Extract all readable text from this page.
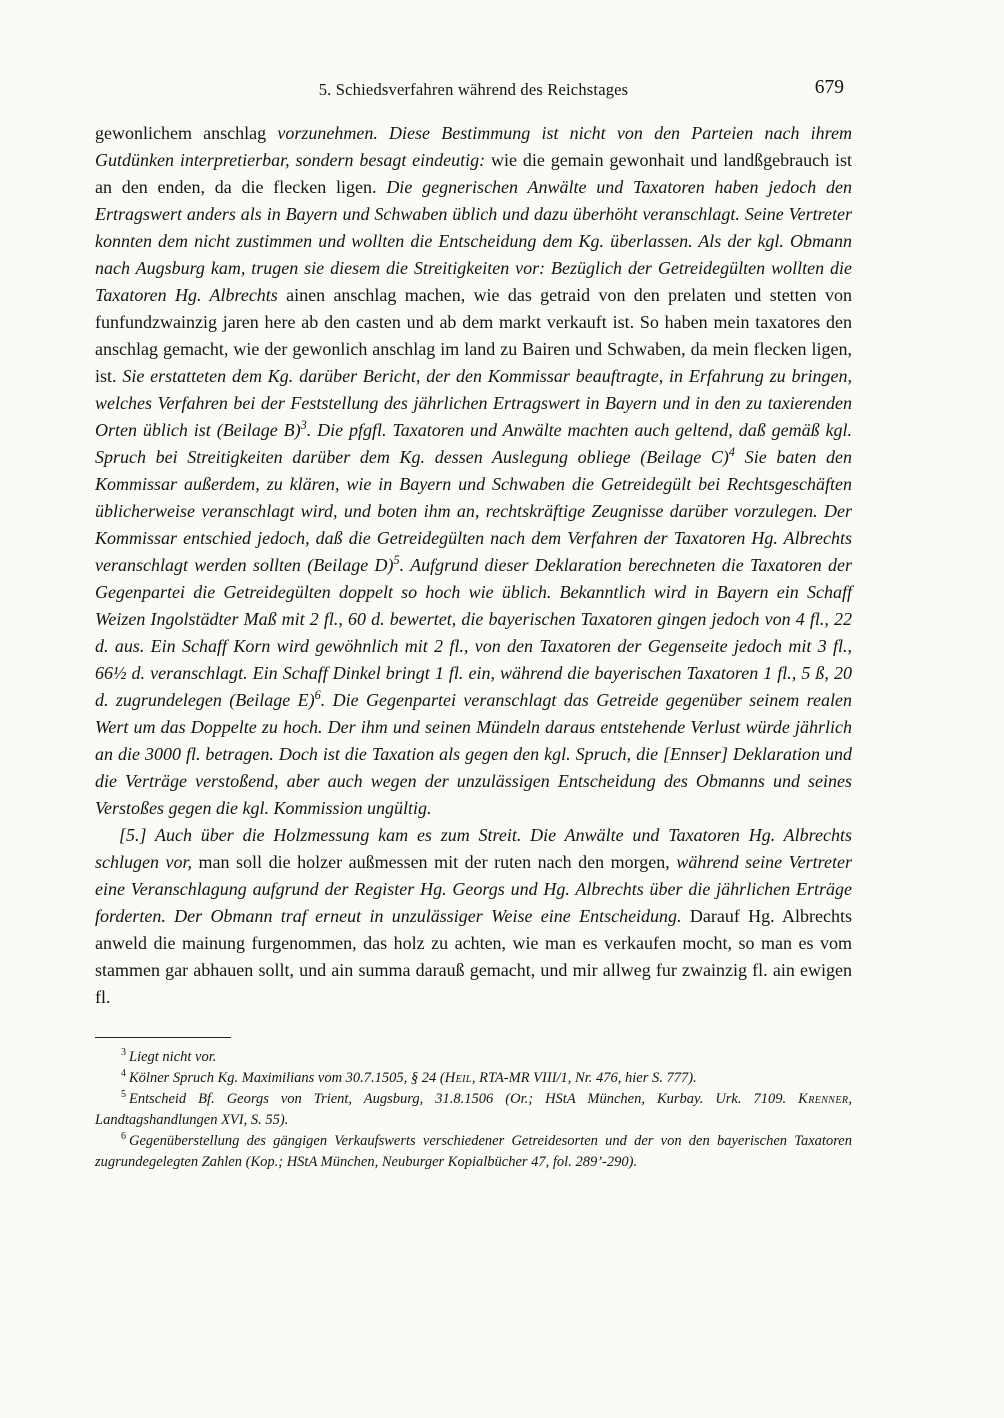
5. Schiedsverfahren während des Reichstages	679

gewonlichem anschlag vorzunehmen. Diese Bestimmung ist nicht von den Parteien nach ihrem Gutdünken interpretierbar, sondern besagt eindeutig: wie die gemain gewonhait und landßgebrauch ist an den enden, da die flecken ligen. Die gegnerischen Anwälte und Taxatoren haben jedoch den Ertragswert anders als in Bayern und Schwaben üblich und dazu überhöht veranschlagt. Seine Vertreter konnten dem nicht zustimmen und wollten die Entscheidung dem Kg. überlassen. Als der kgl. Obmann nach Augsburg kam, trugen sie diesem die Streitigkeiten vor: Bezüglich der Getreidegülten wollten die Taxatoren Hg. Albrechts ainen anschlag machen, wie das getraid von den prelaten und stetten von funfundzwainzig jaren here ab den casten und ab dem markt verkauft ist. So haben mein taxatores den anschlag gemacht, wie der gewonlich anschlag im land zu Bairen und Schwaben, da mein flecken ligen, ist. Sie erstatteten dem Kg. darüber Bericht, der den Kommissar beauftragte, in Erfahrung zu bringen, welches Verfahren bei der Feststellung des jährlichen Ertragswert in Bayern und in den zu taxierenden Orten üblich ist (Beilage B)$^3$. Die pfgfl. Taxatoren und Anwälte machten auch geltend, daß gemäß kgl. Spruch bei Streitigkeiten darüber dem Kg. dessen Auslegung obliege (Beilage C)$^4$ Sie baten den Kommissar außerdem, zu klären, wie in Bayern und Schwaben die Getreidegült bei Rechtsgeschäften üblicherweise veranschlagt wird, und boten ihm an, rechtskräftige Zeugnisse darüber vorzulegen. Der Kommissar entschied jedoch, daß die Getreidegülten nach dem Verfahren der Taxatoren Hg. Albrechts veranschlagt werden sollten (Beilage D)$^5$. Aufgrund dieser Deklaration berechneten die Taxatoren der Gegenpartei die Getreidegülten doppelt so hoch wie üblich. Bekanntlich wird in Bayern ein Schaff Weizen Ingolstädter Maß mit 2 fl., 60 d. bewertet, die bayerischen Taxatoren gingen jedoch von 4 fl., 22 d. aus. Ein Schaff Korn wird gewöhnlich mit 2 fl., von den Taxatoren der Gegenseite jedoch mit 3 fl., 66½ d. veranschlagt. Ein Schaff Dinkel bringt 1 fl. ein, während die bayerischen Taxatoren 1 fl., 5 ß, 20 d. zugrundelegen (Beilage E)$^6$. Die Gegenpartei veranschlagt das Getreide gegenüber seinem realen Wert um das Doppelte zu hoch. Der ihm und seinen Mündeln daraus entstehende Verlust würde jährlich an die 3000 fl. betragen. Doch ist die Taxation als gegen den kgl. Spruch, die [Ennser] Deklaration und die Verträge verstoßend, aber auch wegen der unzulässigen Entscheidung des Obmanns und seines Verstoßes gegen die kgl. Kommission ungültig.

[5.] Auch über die Holzmessung kam es zum Streit. Die Anwälte und Taxatoren Hg. Albrechts schlugen vor, man soll die holzer außmessen mit der ruten nach den morgen, während seine Vertreter eine Veranschlagung aufgrund der Register Hg. Georgs und Hg. Albrechts über die jährlichen Erträge forderten. Der Obmann traf erneut in unzulässiger Weise eine Entscheidung. Darauf Hg. Albrechts anweld die mainung furgenommen, das holz zu achten, wie man es verkaufen mocht, so man es vom stammen gar abhauen sollt, und ain summa darauß gemacht, und mir allweg fur zwainzig fl. ain ewigen fl.

$^3$ Liegt nicht vor.

$^4$ Kölner Spruch Kg. Maximilians vom 30.7.1505, § 24 (Heil, RTA-MR VIII/1, Nr. 476, hier S. 777).

$^5$ Entscheid Bf. Georgs von Trient, Augsburg, 31.8.1506 (Or.; HStA München, Kurbay. Urk. 7109. Krenner, Landtagshandlungen XVI, S. 55).

$^6$ Gegenüberstellung des gängigen Verkaufswerts verschiedener Getreidesorten und der von den bayerischen Taxatoren zugrundegelegten Zahlen (Kop.; HStA München, Neuburger Kopialbücher 47, fol. 289’-290).
